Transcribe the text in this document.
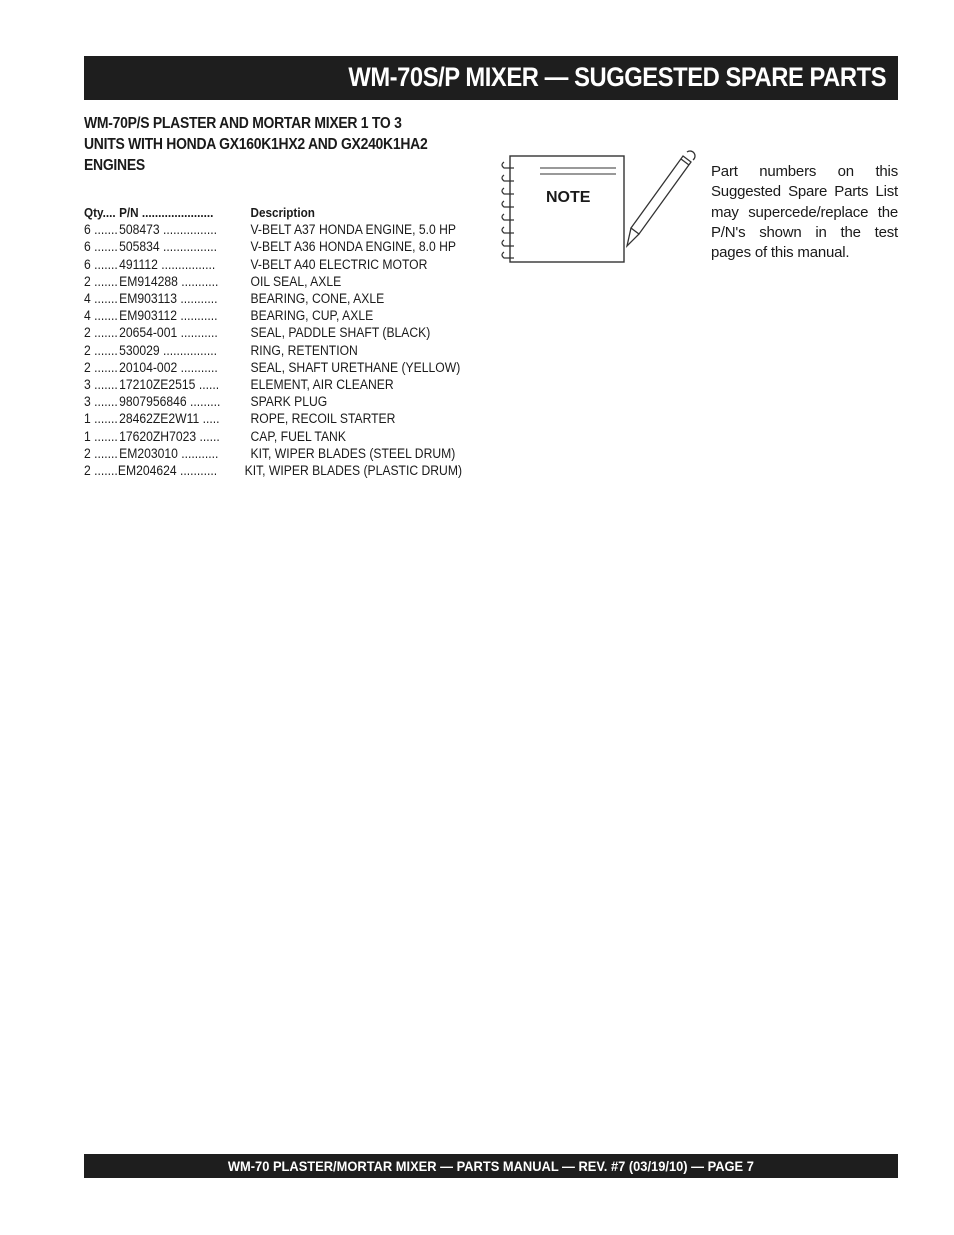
WM-70S/P MIXER — SUGGESTED SPARE PARTS
WM-70P/S PLASTER AND MORTAR MIXER 1 TO 3
UNITS WITH HONDA GX160K1HX2 AND GX240K1HA2
ENGINES
Qty.... P/N ......................	Description
6 ....... 508473 ................	V-BELT A37 HONDA ENGINE, 5.0 HP
6 ....... 505834 ................	V-BELT A36 HONDA ENGINE, 8.0 HP
6 ....... 491112 ................	V-BELT A40 ELECTRIC MOTOR
2 ....... EM914288 ...........	OIL SEAL, AXLE
4 ....... EM903113 ...........	BEARING, CONE, AXLE
4 ....... EM903112 ...........	BEARING, CUP, AXLE
2 ....... 20654-001 ...........	SEAL, PADDLE SHAFT (BLACK)
2 ....... 530029 ................	RING, RETENTION
2 ....... 20104-002 ...........	SEAL, SHAFT URETHANE (YELLOW)
3 ....... 17210ZE2515 ......	ELEMENT, AIR CLEANER
3 ....... 9807956846 .........	SPARK PLUG
1 ....... 28462ZE2W11 .....	ROPE, RECOIL STARTER
1 ....... 17620ZH7023 ......	CAP, FUEL TANK
2 ....... EM203010 ...........	KIT, WIPER BLADES (STEEL DRUM)
2 ....... EM204624 ...........	KIT, WIPER BLADES (PLASTIC DRUM)
NOTE
Part numbers on this Suggested Spare Parts List may supercede/replace the P/N's shown in the test pages of this manual.
WM-70 PLASTER/MORTAR MIXER — PARTS MANUAL — REV. #7 (03/19/10) — PAGE 7
